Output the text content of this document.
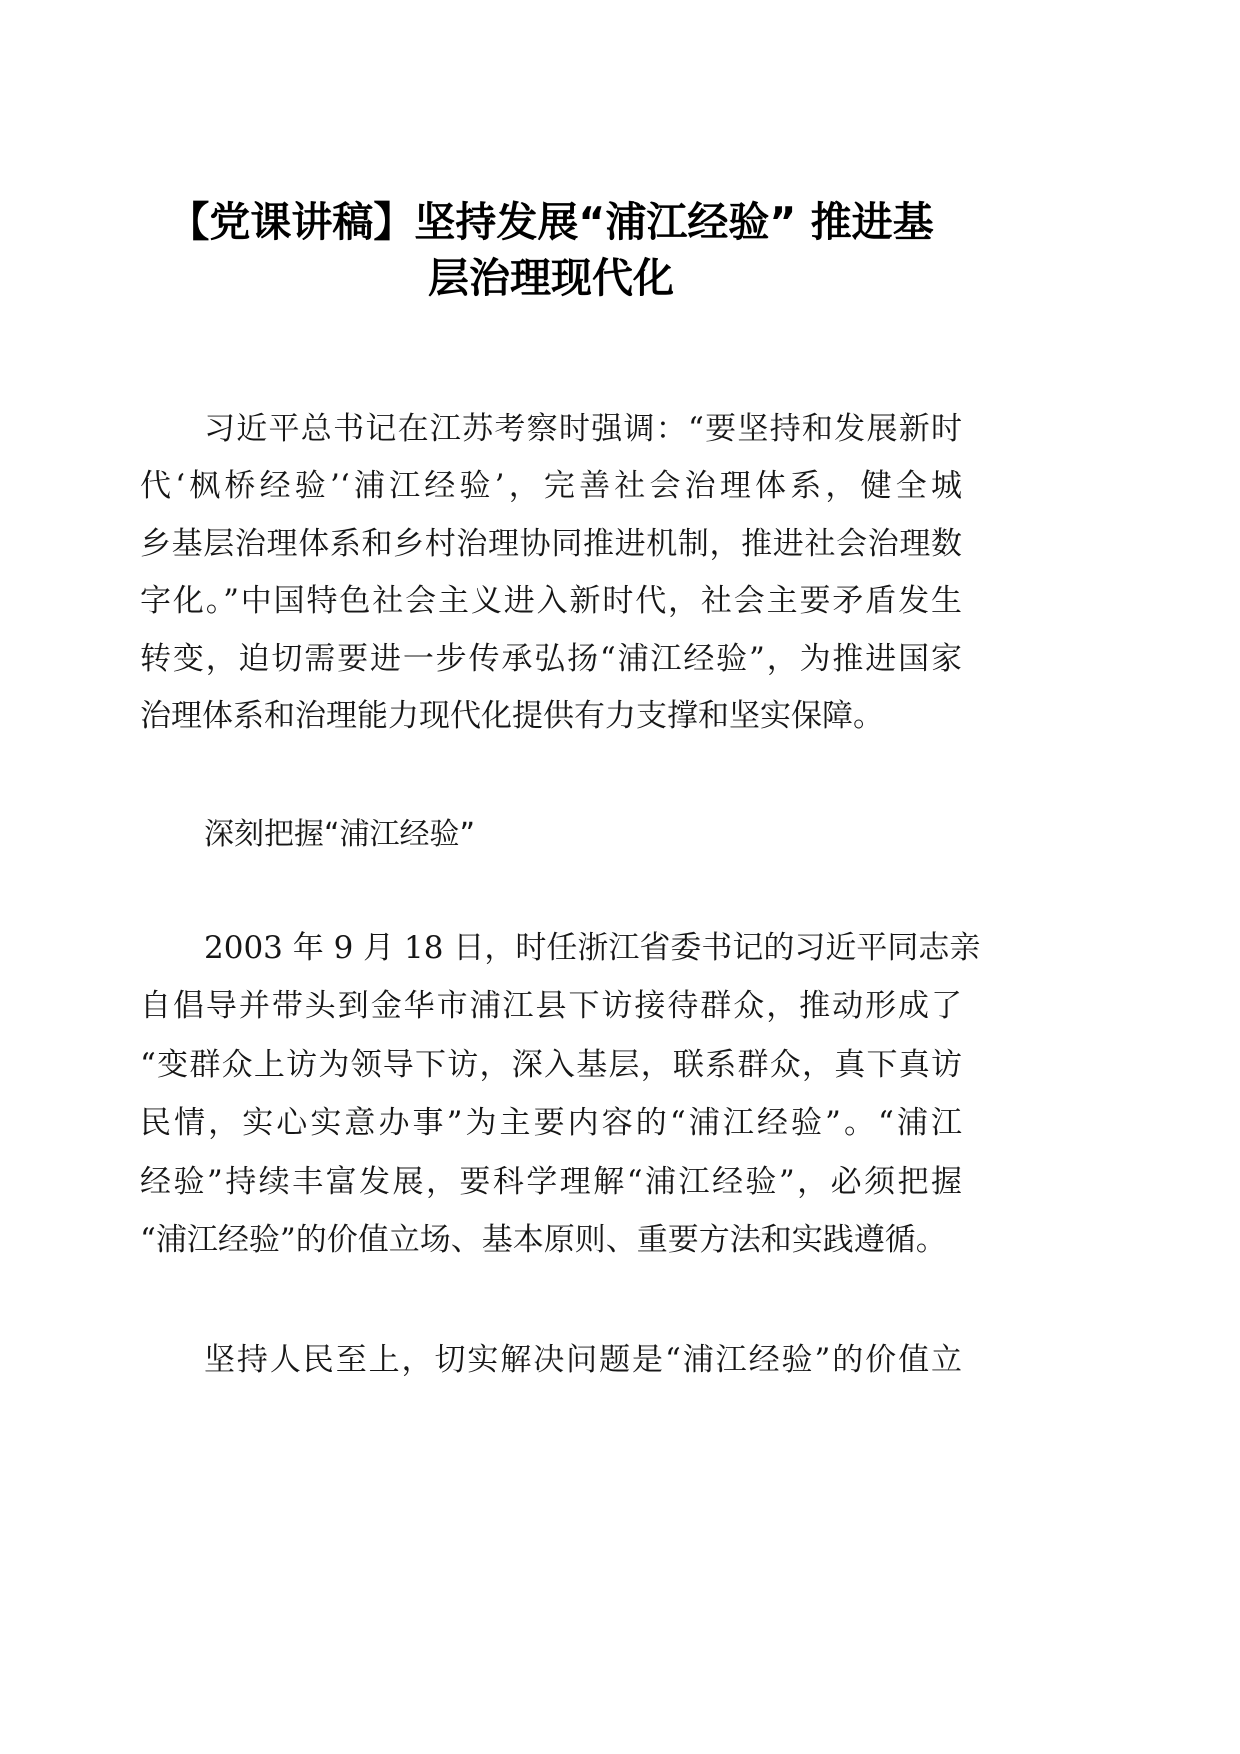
【党课讲稿】坚持发展“浦江经验” 推进基
层治理现代化
习近平总书记在江苏考察时强调：“要坚持和发展新时
代‘枫桥经验’‘浦江经验’，完善社会治理体系，健全城
乡基层治理体系和乡村治理协同推进机制，推进社会治理数
字化。”中国特色社会主义进入新时代，社会主要矛盾发生
转变，迫切需要进一步传承弘扬“浦江经验”，为推进国家
治理体系和治理能力现代化提供有力支撑和坚实保障。
深刻把握“浦江经验”
2003 年 9 月 18 日，时任浙江省委书记的习近平同志亲
自倡导并带头到金华市浦江县下访接待群众，推动形成了
“变群众上访为领导下访，深入基层，联系群众，真下真访
民情，实心实意办事”为主要内容的“浦江经验”。“浦江
经验”持续丰富发展，要科学理解“浦江经验”，必须把握
“浦江经验”的价值立场、基本原则、重要方法和实践遵循。
坚持人民至上，切实解决问题是“浦江经验”的价值立
